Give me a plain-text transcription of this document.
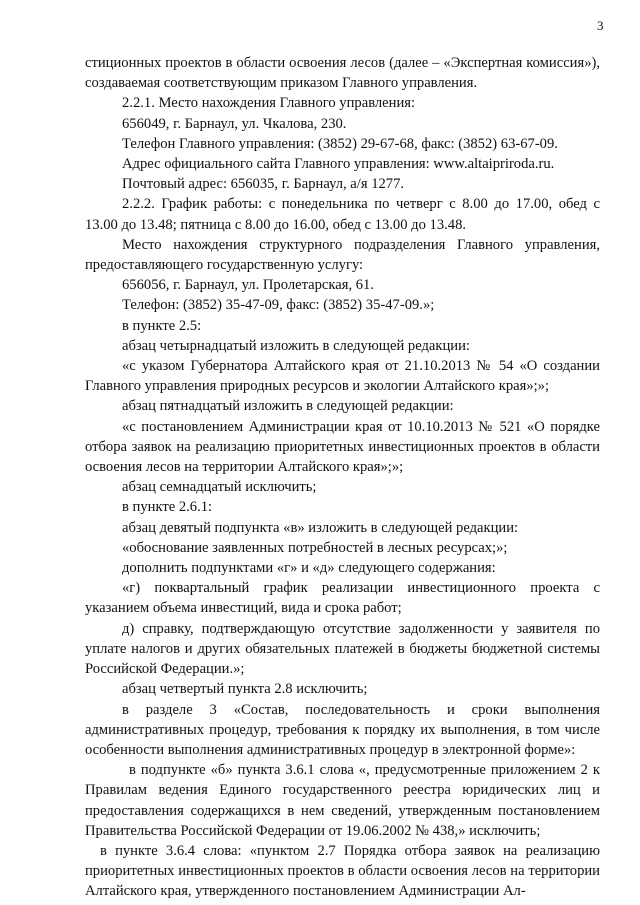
3

стиционных проектов в области освоения лесов (далее – «Экспертная комиссия»), создаваемая соответствующим приказом Главного управления.

2.2.1. Место нахождения Главного управления:

656049, г. Барнаул, ул. Чкалова, 230.

Телефон Главного управления: (3852) 29-67-68, факс: (3852) 63-67-09.

Адрес официального сайта Главного управления: www.altaipriroda.ru.

Почтовый адрес: 656035, г. Барнаул, а/я 1277.

2.2.2. График работы: с понедельника по четверг с 8.00 до 17.00, обед с 13.00 до 13.48; пятница с 8.00 до 16.00, обед с 13.00 до 13.48.

Место нахождения структурного подразделения Главного управления, предоставляющего государственную услугу:

656056, г. Барнаул, ул. Пролетарская, 61.

Телефон: (3852) 35-47-09, факс: (3852) 35-47-09.»;

в пункте 2.5:

абзац четырнадцатый изложить в следующей редакции:

«с указом Губернатора Алтайского края от 21.10.2013 № 54 «О создании Главного управления природных ресурсов и экологии Алтайского края»;»;

абзац пятнадцатый изложить в следующей редакции:

«с постановлением Администрации края от 10.10.2013 № 521 «О порядке отбора заявок на реализацию приоритетных инвестиционных проектов в области освоения лесов на территории Алтайского края»;»;

абзац семнадцатый исключить;

в пункте 2.6.1:

абзац девятый подпункта «в» изложить в следующей редакции:

«обоснование заявленных потребностей в лесных ресурсах;»;

дополнить подпунктами «г» и «д» следующего содержания:

«г) поквартальный график реализации инвестиционного проекта с указанием объема инвестиций, вида и срока работ;

д) справку, подтверждающую отсутствие задолженности у заявителя по уплате налогов и других обязательных платежей в бюджеты бюджетной системы Российской Федерации.»;

абзац четвертый пункта 2.8 исключить;

в разделе 3 «Состав, последовательность и сроки выполнения административных процедур, требования к порядку их выполнения, в том числе особенности выполнения административных процедур в электронной форме»:

в подпункте «б» пункта 3.6.1 слова «, предусмотренные приложением 2 к Правилам ведения Единого государственного реестра юридических лиц и предоставления содержащихся в нем сведений, утвержденным постановлением Правительства Российской Федерации от 19.06.2002 № 438,» исключить;

в пункте 3.6.4 слова: «пунктом 2.7 Порядка отбора заявок на реализацию приоритетных инвестиционных проектов в области освоения лесов на территории Алтайского края, утвержденного постановлением Администрации Ал-
